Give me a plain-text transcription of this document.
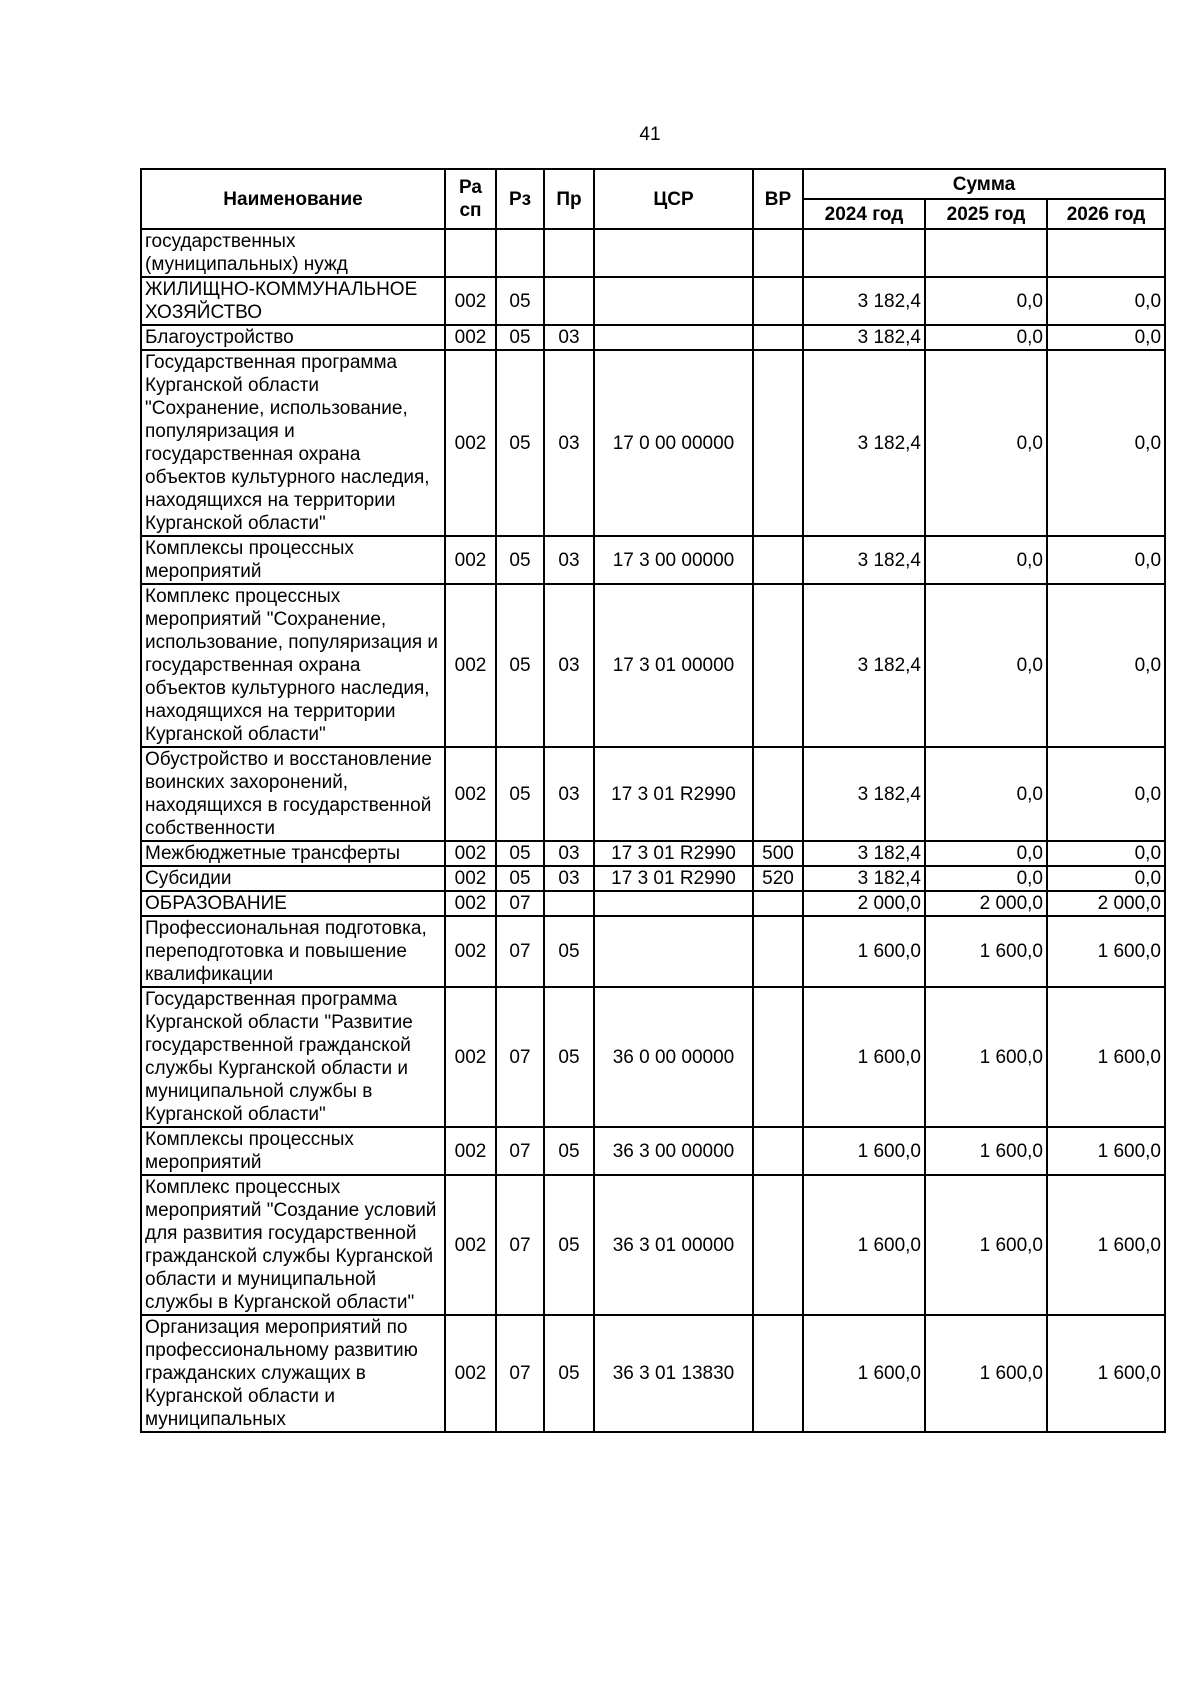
41
Наименование	Ра сп	Рз	Пр	ЦСР	ВР	Сумма		
						2024 год	2025 год	2026 год
государственных (муниципальных) нужд								
ЖИЛИЩНО-КОММУНАЛЬНОЕ ХОЗЯЙСТВО	002	05				3 182,4	0,0	0,0
Благоустройство	002	05	03			3 182,4	0,0	0,0
Государственная программа Курганской области "Сохранение, использование, популяризация и государственная охрана объектов культурного наследия, находящихся на территории Курганской области"	002	05	03	17 0 00 00000		3 182,4	0,0	0,0
Комплексы процессных мероприятий	002	05	03	17 3 00 00000		3 182,4	0,0	0,0
Комплекс процессных мероприятий "Сохранение, использование, популяризация и государственная охрана объектов культурного наследия, находящихся на территории Курганской области"	002	05	03	17 3 01 00000		3 182,4	0,0	0,0
Обустройство и восстановление воинских захоронений, находящихся в государственной собственности	002	05	03	17 3 01 R2990		3 182,4	0,0	0,0
Межбюджетные трансферты	002	05	03	17 3 01 R2990	500	3 182,4	0,0	0,0
Субсидии	002	05	03	17 3 01 R2990	520	3 182,4	0,0	0,0
ОБРАЗОВАНИЕ	002	07				2 000,0	2 000,0	2 000,0
Профессиональная подготовка, переподготовка и повышение квалификации	002	07	05			1 600,0	1 600,0	1 600,0
Государственная программа Курганской области "Развитие государственной гражданской службы Курганской области и муниципальной службы в Курганской области"	002	07	05	36 0 00 00000		1 600,0	1 600,0	1 600,0
Комплексы процессных мероприятий	002	07	05	36 3 00 00000		1 600,0	1 600,0	1 600,0
Комплекс процессных мероприятий "Создание условий для развития государственной гражданской службы Курганской области и муниципальной службы в Курганской области"	002	07	05	36 3 01 00000		1 600,0	1 600,0	1 600,0
Организация мероприятий по профессиональному развитию гражданских служащих в Курганской области и муниципальных	002	07	05	36 3 01 13830		1 600,0	1 600,0	1 600,0
